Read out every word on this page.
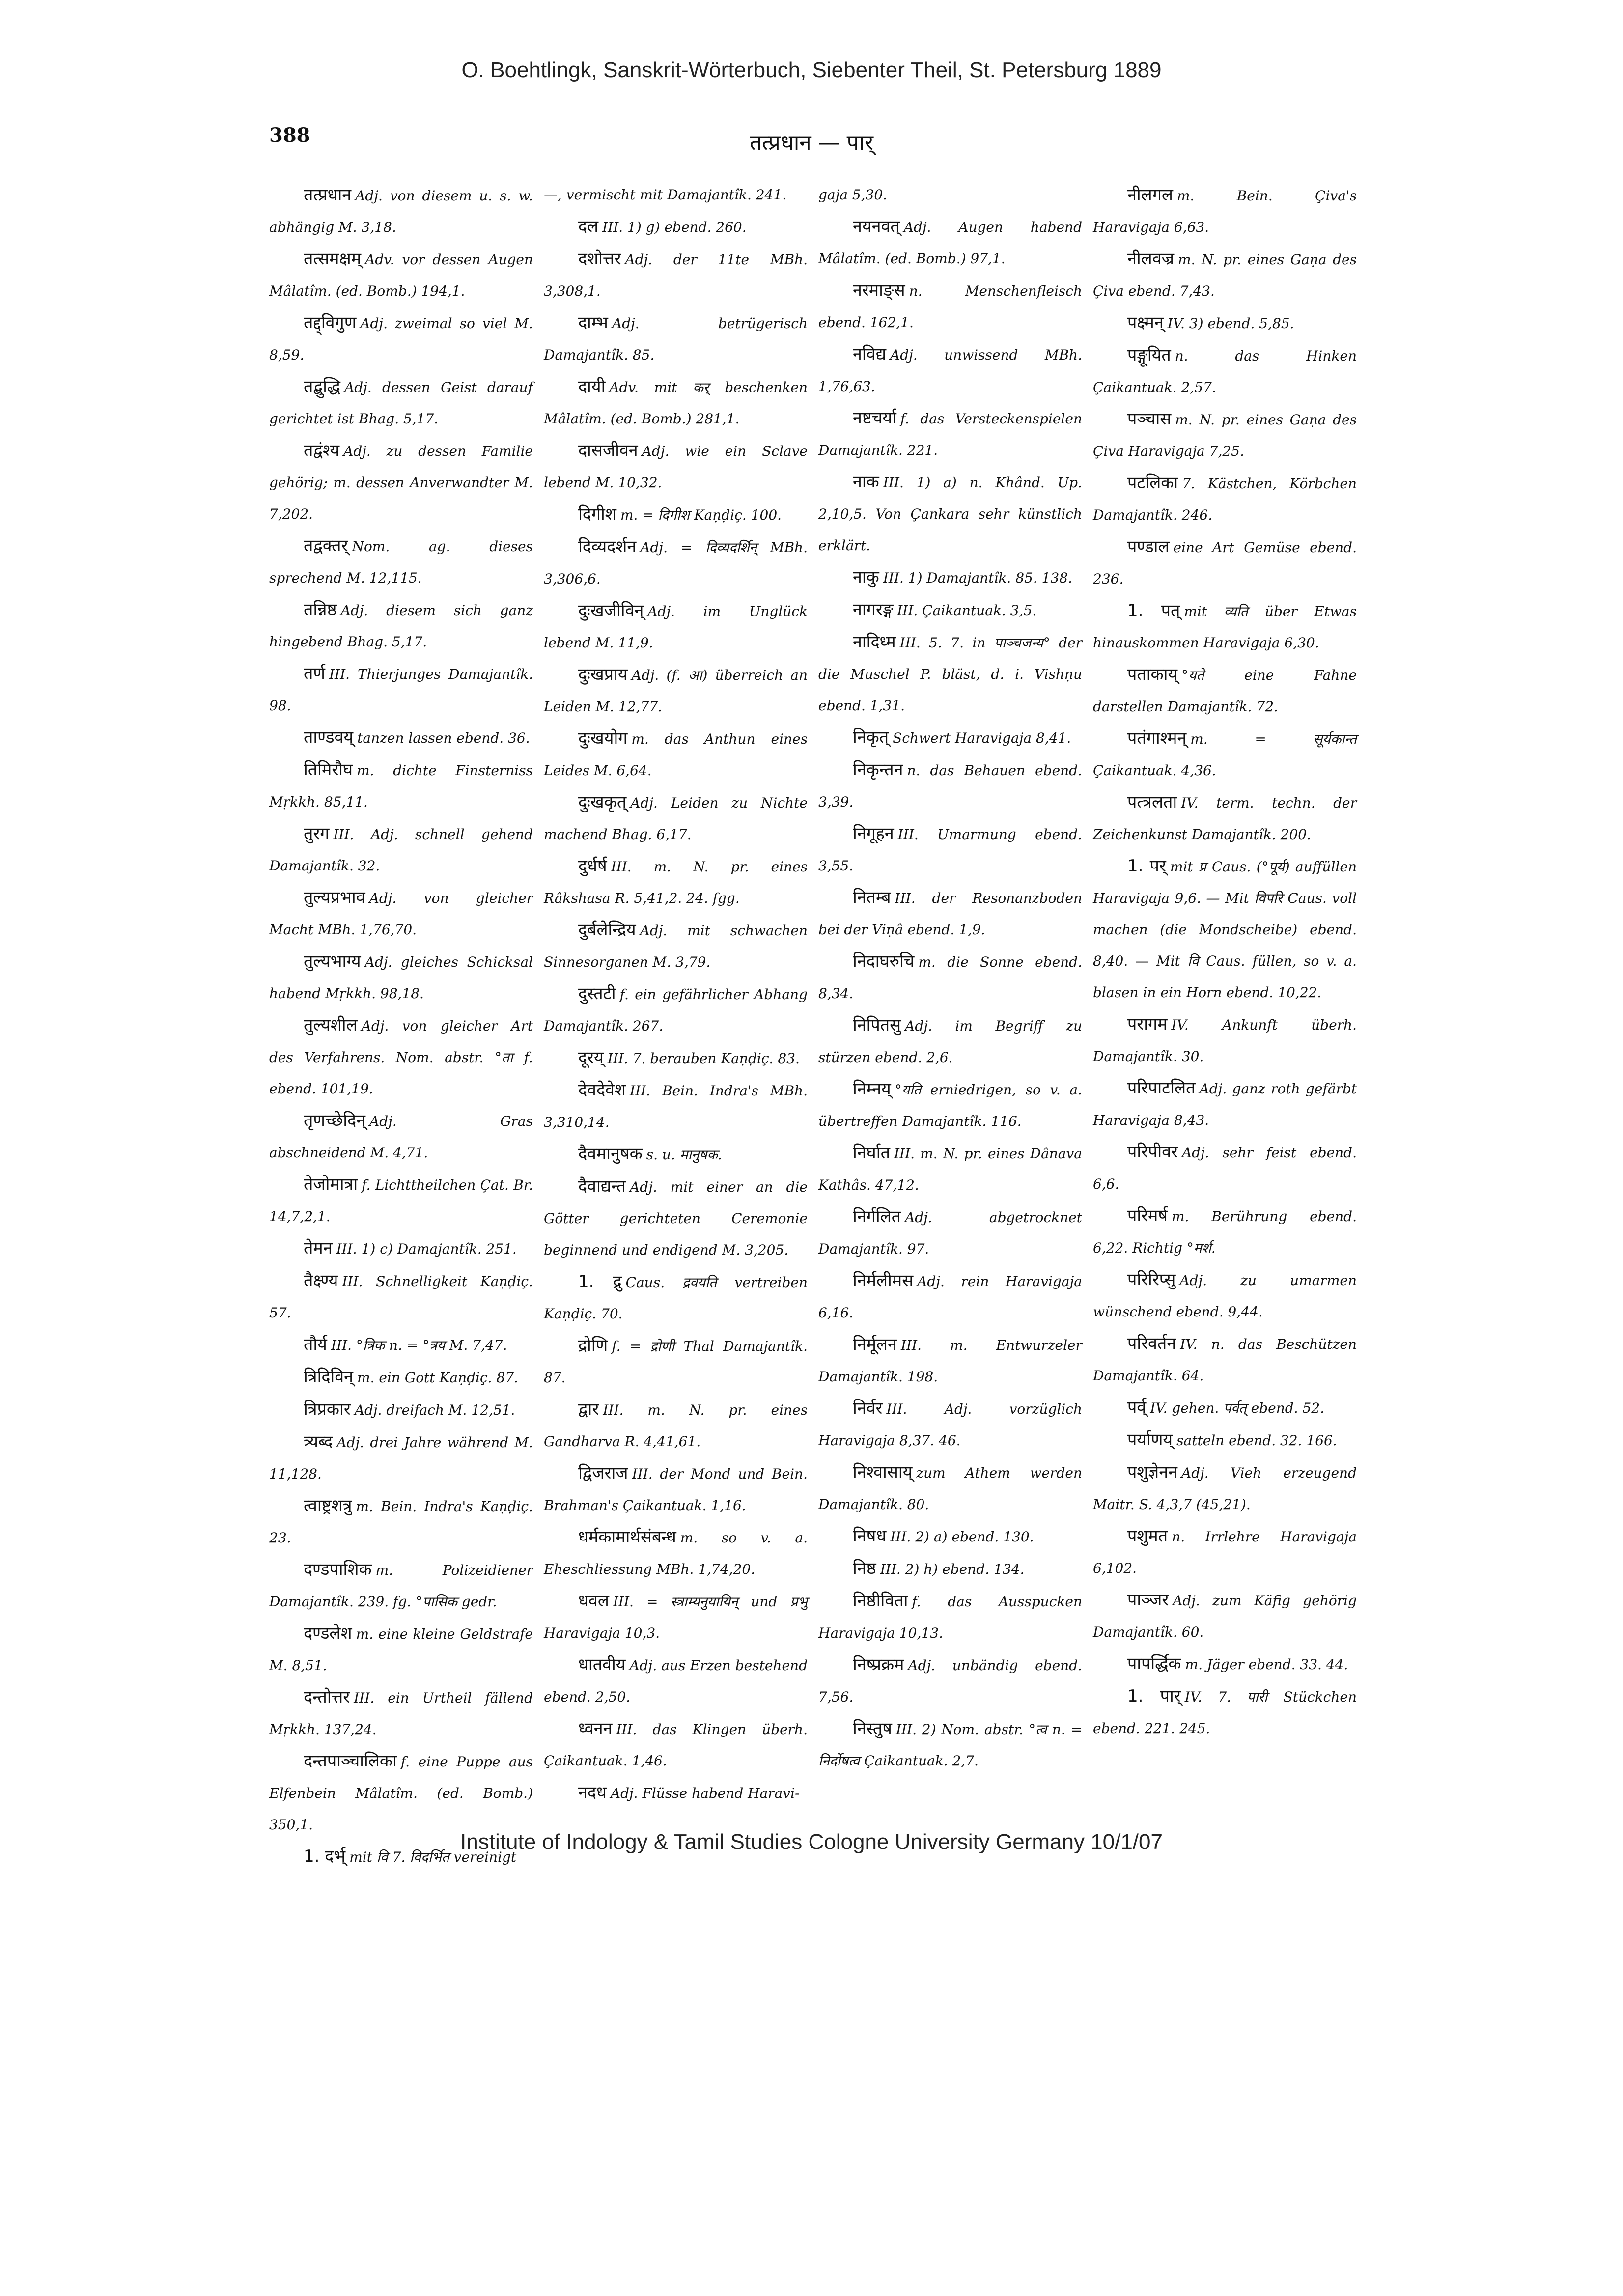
O. Boehtlingk, Sanskrit-Wörterbuch, Siebenter Theil, St. Petersburg 1889
388	तत्प्रधान — पार्

तत्प्रधान Adj. von diesem u. s. w. abhängig M. 3,18.

तत्समक्षम् Adv. vor dessen Augen Mâlatîm. (ed. Bomb.) 194,1.

तद्द्विगुण Adj. zweimal so viel M. 8,59.

तद्बुद्धि Adj. dessen Geist darauf gerichtet ist Bhag. 5,17.

तद्वंश्य Adj. zu dessen Familie gehörig; m. dessen Anverwandter M. 7,202.

तद्वक्तर् Nom. ag. dieses sprechend M. 12,115.

तन्निष्ठ Adj. diesem sich ganz hingebend Bhag. 5,17.

तर्ण III. Thierjunges Damajantîk. 98.

ताण्डवय् tanzen lassen ebend. 36.

तिमिरौघ m. dichte Finsterniss Mṛkkh. 85,11.

तुरग III. Adj. schnell gehend Damajantîk. 32.

तुल्यप्रभाव Adj. von gleicher Macht MBh. 1,76,70.

तुल्यभाग्य Adj. gleiches Schicksal habend Mṛkkh. 98,18.

तुल्यशील Adj. von gleicher Art des Verfahrens. Nom. abstr. °ता f. ebend. 101,19.

तृणच्छेदिन् Adj. Gras abschneidend M. 4,71.

तेजोमात्रा f. Lichttheilchen Çat. Br. 14,7,2,1.

तेमन III. 1) c) Damajantîk. 251.

तैक्ष्ण्य III. Schnelligkeit Kaṇḍiç. 57.

तौर्य III. °त्रिक n. = °त्रय M. 7,47.

त्रिदिविन् m. ein Gott Kaṇḍiç. 87.

त्रिप्रकार Adj. dreifach M. 12,51.

त्र्यब्द Adj. drei Jahre während M. 11,128.

त्वाष्ट्रशत्रु m. Bein. Indra's Kaṇḍiç. 23.

दण्डपाशिक m. Polizeidiener Damajantîk. 239. fg. °पासिक gedr.

दण्डलेश m. eine kleine Geldstrafe M. 8,51.

दन्तोत्तर III. ein Urtheil fällend Mṛkkh. 137,24.

दन्तपाञ्चालिका f. eine Puppe aus Elfenbein Mâlatîm. (ed. Bomb.) 350,1.

1. दर्भ् mit वि 7. विदर्भित vereinigt

—, vermischt mit Damajantîk. 241.

दल III. 1) g) ebend. 260.

दशोत्तर Adj. der 11te MBh. 3,308,1.

दाम्भ Adj. betrügerisch Damajantîk. 85.

दायी Adv. mit कर् beschenken Mâlatîm. (ed. Bomb.) 281,1.

दासजीवन Adj. wie ein Sclave lebend M. 10,32.

दिगीश m. = दिगीश Kaṇḍiç. 100.

दिव्यदर्शन Adj. = दिव्यदर्शिन् MBh. 3,306,6.

दुःखजीविन् Adj. im Unglück lebend M. 11,9.

दुःखप्राय Adj. (f. आ) überreich an Leiden M. 12,77.

दुःखयोग m. das Anthun eines Leides M. 6,64.

दुःखकृत् Adj. Leiden zu Nichte machend Bhag. 6,17.

दुर्धर्ष III. m. N. pr. eines Râkshasa R. 5,41,2. 24. fgg.

दुर्बलेन्द्रिय Adj. mit schwachen Sinnesorganen M. 3,79.

दुस्तटी f. ein gefährlicher Abhang Damajantîk. 267.

दूरय् III. 7. berauben Kaṇḍiç. 83.

देवदेवेश III. Bein. Indra's MBh. 3,310,14.

दैवमानुषक s. u. मानुषक.

दैवाद्यन्त Adj. mit einer an die Götter gerichteten Ceremonie beginnend und endigend M. 3,205.

1. द्रु Caus. द्रवयति vertreiben Kaṇḍiç. 70.

द्रोणि f. = द्रोणी Thal Damajantîk. 87.

द्वार III. m. N. pr. eines Gandharva R. 4,41,61.

द्विजराज III. der Mond und Bein. Brahman's Çaikantuak. 1,16.

धर्मकामार्थसंबन्ध m. so v. a. Eheschliessung MBh. 1,74,20.

धवल III. = स्त्राम्यनुयायिन् und प्रभु Haravigaja 10,3.

धातवीय Adj. aus Erzen bestehend ebend. 2,50.

ध्वनन III. das Klingen überh. Çaikantuak. 1,46.

नदध Adj. Flüsse habend Haravi-

gaja 5,30.

नयनवत् Adj. Augen habend Mâlatîm. (ed. Bomb.) 97,1.

नरमाङ्स n. Menschenfleisch ebend. 162,1.

नविद्य Adj. unwissend MBh. 1,76,63.

नष्टचर्या f. das Versteckenspielen Damajantîk. 221.

नाक III. 1) a) n. Khând. Up. 2,10,5. Von Çankara sehr künstlich erklärt.

नाकु III. 1) Damajantîk. 85. 138.

नागरङ्ग III. Çaikantuak. 3,5.

नादिध्म III. 5. 7. in पाञ्चजन्य° der die Muschel P. bläst, d. i. Vishṇu ebend. 1,31.

निकृत् Schwert Haravigaja 8,41.

निकृन्तन n. das Behauen ebend. 3,39.

निगूहन III. Umarmung ebend. 3,55.

नितम्ब III. der Resonanzboden bei der Viṇâ ebend. 1,9.

निदाघरुचि m. die Sonne ebend. 8,34.

निपितसु Adj. im Begriff zu stürzen ebend. 2,6.

निम्नय् °यति erniedrigen, so v. a. übertreffen Damajantîk. 116.

निर्घात III. m. N. pr. eines Dânava Kathâs. 47,12.

निर्गलित Adj. abgetrocknet Damajantîk. 97.

निर्मलीमस Adj. rein Haravigaja 6,16.

निर्मूलन III. m. Entwurzeler Damajantîk. 198.

निर्वर III. Adj. vorzüglich Haravigaja 8,37. 46.

निश्वासाय् zum Athem werden Damajantîk. 80.

निषध III. 2) a) ebend. 130.

निष्ठ III. 2) h) ebend. 134.

निष्ठीविता f. das Ausspucken Haravigaja 10,13.

निष्प्रक्रम Adj. unbändig ebend. 7,56.

निस्तुष III. 2) Nom. abstr. °त्व n. = निर्दोषत्व Çaikantuak. 2,7.

नीलगल m. Bein. Çiva's Haravigaja 6,63.

नीलवज्र m. N. pr. eines Gaṇa des Çiva ebend. 7,43.

पक्ष्मन् IV. 3) ebend. 5,85.

पङ्गूयित n. das Hinken Çaikantuak. 2,57.

पञ्चास m. N. pr. eines Gaṇa des Çiva Haravigaja 7,25.

पटलिका 7. Kästchen, Körbchen Damajantîk. 246.

पण्डाल eine Art Gemüse ebend. 236.

1. पत् mit व्यति über Etwas hinauskommen Haravigaja 6,30.

पताकाय् °यते eine Fahne darstellen Damajantîk. 72.

पतंगाश्मन् m. = सूर्यकान्त Çaikantuak. 4,36.

पत्त्रलता IV. term. techn. der Zeichenkunst Damajantîk. 200.

1. पर् mit प्र Caus. (°पूर्य) auffüllen Haravigaja 9,6. — Mit विपरि Caus. voll machen (die Mondscheibe) ebend. 8,40. — Mit वि Caus. füllen, so v. a. blasen in ein Horn ebend. 10,22.

परागम IV. Ankunft überh. Damajantîk. 30.

परिपाटलित Adj. ganz roth gefärbt Haravigaja 8,43.

परिपीवर Adj. sehr feist ebend. 6,6.

परिमर्ष m. Berührung ebend. 6,22. Richtig °मर्श.

परिरिप्सु Adj. zu umarmen wünschend ebend. 9,44.

परिवर्तन IV. n. das Beschützen Damajantîk. 64.

पर्व् IV. gehen. पर्वत् ebend. 52.

पर्याणय् satteln ebend. 32. 166.

पशुज्ञेनन Adj. Vieh erzeugend Maitr. S. 4,3,7 (45,21).

पशुमत n. Irrlehre Haravigaja 6,102.

पाञ्जर Adj. zum Käfig gehörig Damajantîk. 60.

पापर्द्धिक m. Jäger ebend. 33. 44.

1. पार् IV. 7. पारी Stückchen ebend. 221. 245.

Institute of Indology & Tamil Studies Cologne University Germany 10/1/07
